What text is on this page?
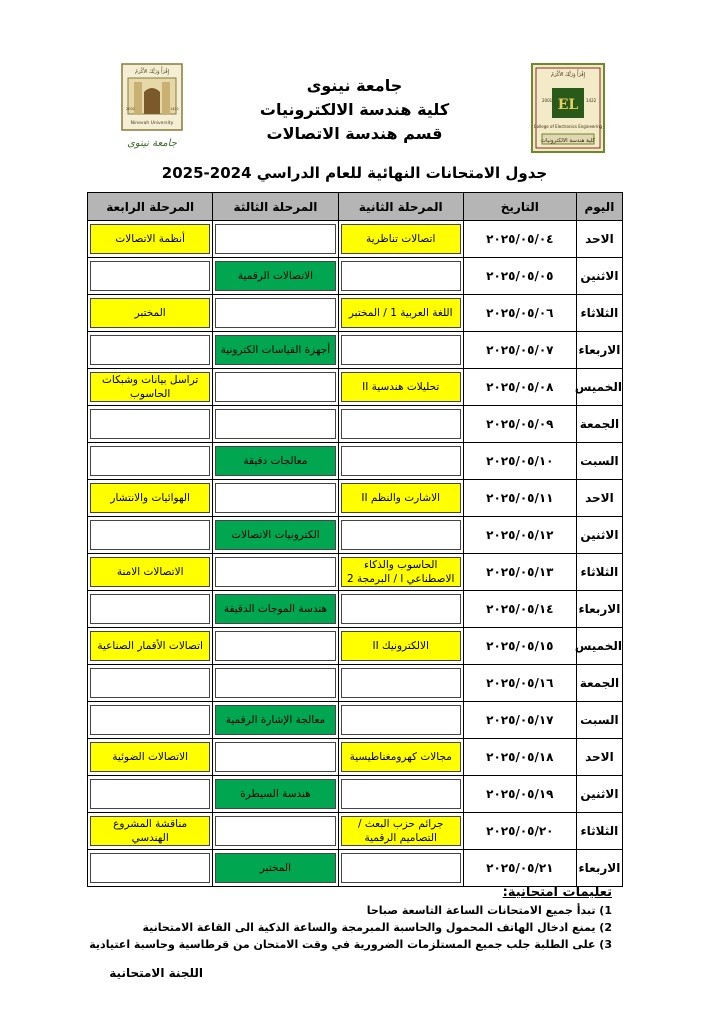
إِقْرَأْ وَرَبُّكَ الأَكْرَمُ
Ninevah University
2002	1422
جامعة نينوى
إِقْرَأْ وَرَبُّكَ الأَكْرَمُ
EL
2001	1422
College of Electronics Engineering
كلية هندسة الالكترونيات
جامعة نينوى
كلية هندسة الالكترونيات
قسم هندسة الاتصالات
جدول الامتحانات النهائية للعام الدراسي 2024-2025
اليوم	التاريخ	المرحلة الثانية	المرحلة الثالثة	المرحلة الرابعة
الاحد	٢٠٢٥/٠٥/٠٤	اتصالات تناظرية		أنظمة الاتصالات

الاثنين	٢٠٢٥/٠٥/٠٥		الاتصالات الرقمية	

الثلاثاء	٢٠٢٥/٠٥/٠٦	اللغة العربية 1 / المختبر		المختبر

الاربعاء	٢٠٢٥/٠٥/٠٧		أجهزة القياسات الكترونية	

الخميس	٢٠٢٥/٠٥/٠٨	تحليلات هندسية II		تراسل بيانات وشبكات
الحاسوب

الجمعة	٢٠٢٥/٠٥/٠٩	

السبت	٢٠٢٥/٠٥/١٠		معالجات دقيقة	

الاحد	٢٠٢٥/٠٥/١١	الاشارت والنظم II		الهوائيات والانتشار

الاثنين	٢٠٢٥/٠٥/١٢		الكترونيات الاتصالات	

الثلاثاء	٢٠٢٥/٠٥/١٣	الحاسوب والذكاء
الاصطناعي ا / البرمجة 2		الاتصالات الامنة

الاربعاء	٢٠٢٥/٠٥/١٤		هندسة الموجات الدقيقة	

الخميس	٢٠٢٥/٠٥/١٥	الالكترونيك II		اتصالات الأقمار الصناعية

الجمعة	٢٠٢٥/٠٥/١٦	

السبت	٢٠٢٥/٠٥/١٧		معالجة الإشارة الرقمية	

الاحد	٢٠٢٥/٠٥/١٨	مجالات كهرومغناطيسية		الاتصالات الضوئية

الاثنين	٢٠٢٥/٠٥/١٩		هندسة السيطرة	

الثلاثاء	٢٠٢٥/٠٥/٢٠	جرائم حزب البعث /
التصاميم الرقمية		مناقشة المشروع الهندسي

الاربعاء	٢٠٢٥/٠٥/٢١		المختبر	

تعليمات امتحانية:
1) تبدأ جميع الامتحانات الساعة التاسعة صباحا
2) يمنع ادخال الهاتف المحمول والحاسبة المبرمجة والساعة الذكية الى القاعة الامتحانية
3) على الطلبة جلب جميع المستلزمات الضرورية في وقت الامتحان من قرطاسية وحاسبة اعتيادية
اللجنة الامتحانية
